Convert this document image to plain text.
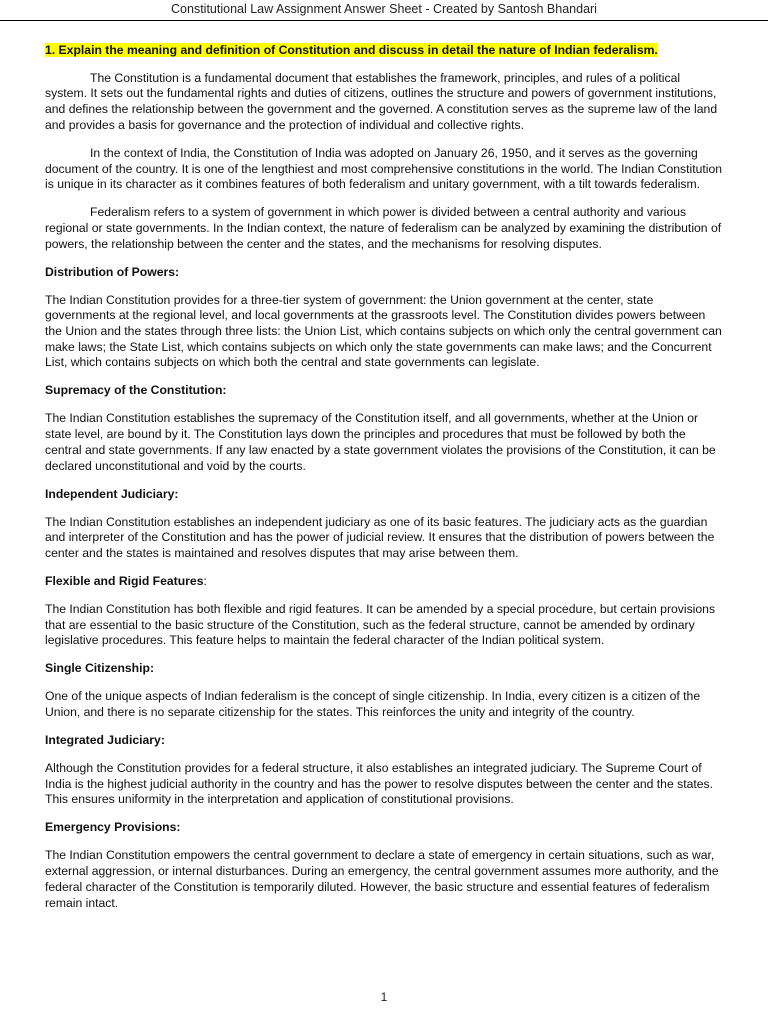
Constitutional Law Assignment Answer Sheet - Created by Santosh Bhandari
1. Explain the meaning and definition of Constitution and discuss in detail the nature of Indian federalism.

The Constitution is a fundamental document that establishes the framework, principles, and rules of a political system. It sets out the fundamental rights and duties of citizens, outlines the structure and powers of government institutions, and defines the relationship between the government and the governed. A constitution serves as the supreme law of the land and provides a basis for governance and the protection of individual and collective rights.

In the context of India, the Constitution of India was adopted on January 26, 1950, and it serves as the governing document of the country. It is one of the lengthiest and most comprehensive constitutions in the world. The Indian Constitution is unique in its character as it combines features of both federalism and unitary government, with a tilt towards federalism.

Federalism refers to a system of government in which power is divided between a central authority and various regional or state governments. In the Indian context, the nature of federalism can be analyzed by examining the distribution of powers, the relationship between the center and the states, and the mechanisms for resolving disputes.

Distribution of Powers:

The Indian Constitution provides for a three-tier system of government: the Union government at the center, state governments at the regional level, and local governments at the grassroots level. The Constitution divides powers between the Union and the states through three lists: the Union List, which contains subjects on which only the central government can make laws; the State List, which contains subjects on which only the state governments can make laws; and the Concurrent List, which contains subjects on which both the central and state governments can legislate.

Supremacy of the Constitution:

The Indian Constitution establishes the supremacy of the Constitution itself, and all governments, whether at the Union or state level, are bound by it. The Constitution lays down the principles and procedures that must be followed by both the central and state governments. If any law enacted by a state government violates the provisions of the Constitution, it can be declared unconstitutional and void by the courts.

Independent Judiciary:

The Indian Constitution establishes an independent judiciary as one of its basic features. The judiciary acts as the guardian and interpreter of the Constitution and has the power of judicial review. It ensures that the distribution of powers between the center and the states is maintained and resolves disputes that may arise between them.

Flexible and Rigid Features:

The Indian Constitution has both flexible and rigid features. It can be amended by a special procedure, but certain provisions that are essential to the basic structure of the Constitution, such as the federal structure, cannot be amended by ordinary legislative procedures. This feature helps to maintain the federal character of the Indian political system.

Single Citizenship:

One of the unique aspects of Indian federalism is the concept of single citizenship. In India, every citizen is a citizen of the Union, and there is no separate citizenship for the states. This reinforces the unity and integrity of the country.

Integrated Judiciary:

Although the Constitution provides for a federal structure, it also establishes an integrated judiciary. The Supreme Court of India is the highest judicial authority in the country and has the power to resolve disputes between the center and the states. This ensures uniformity in the interpretation and application of constitutional provisions.

Emergency Provisions:

The Indian Constitution empowers the central government to declare a state of emergency in certain situations, such as war, external aggression, or internal disturbances. During an emergency, the central government assumes more authority, and the federal character of the Constitution is temporarily diluted. However, the basic structure and essential features of federalism remain intact.

1
